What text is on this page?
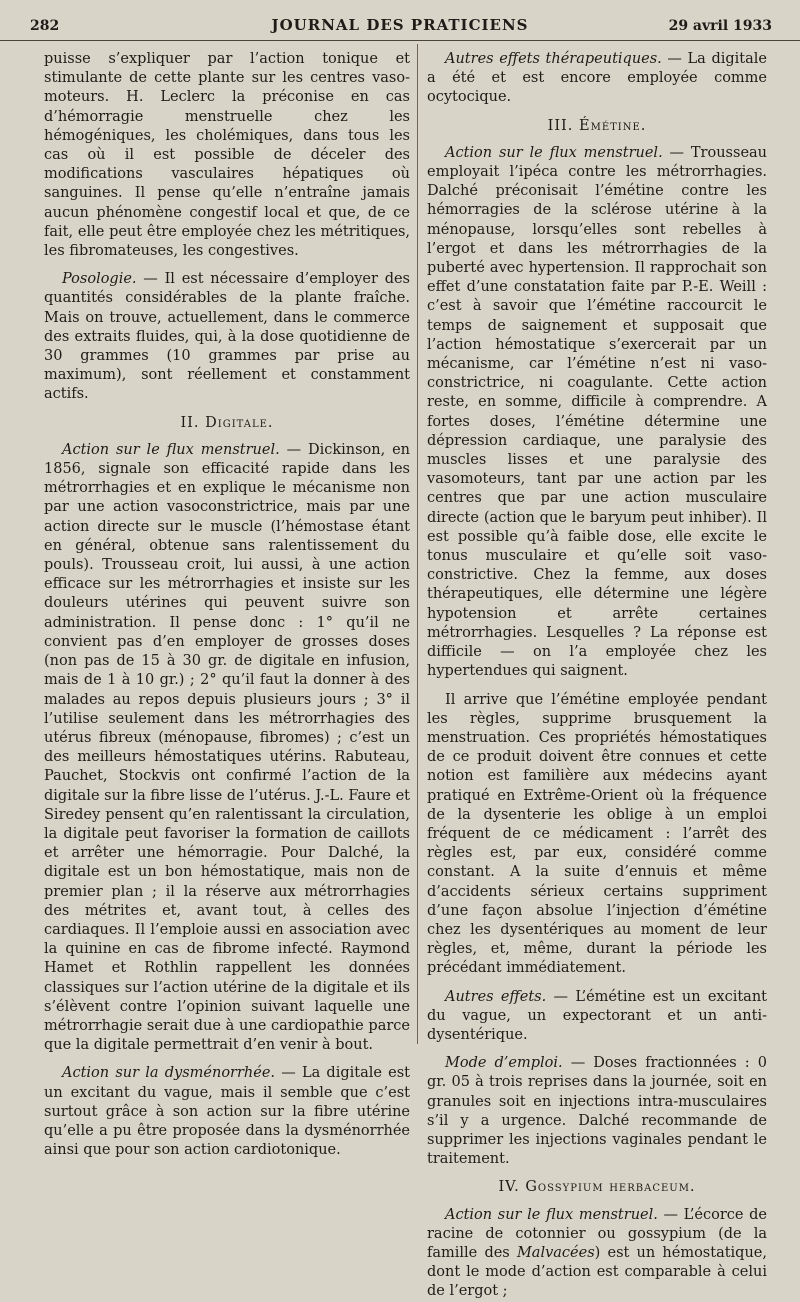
282	JOURNAL DES PRATICIENS	29 avril 1933

puisse s’expliquer par l’action tonique et stimulante de cette plante sur les centres vaso-moteurs. H. Leclerc la préconise en cas d’hémorragie menstruelle chez les hémogéniques, les cholémiques, dans tous les cas où il est possible de déceler des modifications vasculaires hépatiques où sanguines. Il pense qu’elle n’entraîne jamais aucun phénomène congestif local et que, de ce fait, elle peut être employée chez les métritiques, les fibromateuses, les congestives.

Posologie. — Il est nécessaire d’employer des quantités considérables de la plante fraîche. Mais on trouve, actuellement, dans le commerce des extraits fluides, qui, à la dose quotidienne de 30 grammes (10 grammes par prise au maximum), sont réellement et constamment actifs.

II. Digitale.

Action sur le flux menstruel. — Dickinson, en 1856, signale son efficacité rapide dans les métrorrhagies et en explique le mécanisme non par une action vasoconstrictrice, mais par une action directe sur le muscle (l’hémostase étant en général, obtenue sans ralentissement du pouls). Trousseau croit, lui aussi, à une action efficace sur les métrorrhagies et insiste sur les douleurs utérines qui peuvent suivre son administration. Il pense donc : 1° qu’il ne convient pas d’en employer de grosses doses (non pas de 15 à 30 gr. de digitale en infusion, mais de 1 à 10 gr.) ; 2° qu’il faut la donner à des malades au repos depuis plusieurs jours ; 3° il l’utilise seulement dans les métrorrhagies des utérus fibreux (ménopause, fibromes) ; c’est un des meilleurs hémostatiques utérins. Rabuteau, Pauchet, Stockvis ont confirmé l’action de la digitale sur la fibre lisse de l’utérus. J.-L. Faure et Siredey pensent qu’en ralentissant la circulation, la digitale peut favoriser la formation de caillots et arrêter une hémorragie. Pour Dalché, la digitale est un bon hémostatique, mais non de premier plan ; il la réserve aux métrorrhagies des métrites et, avant tout, à celles des cardiaques. Il l’emploie aussi en association avec la quinine en cas de fibrome infecté. Raymond Hamet et Rothlin rappellent les données classiques sur l’action utérine de la digitale et ils s’élèvent contre l’opinion suivant laquelle une métrorrhagie serait due à une cardiopathie parce que la digitale permettrait d’en venir à bout.

Action sur la dysménorrhée. — La digitale est un excitant du vague, mais il semble que c’est surtout grâce à son action sur la fibre utérine qu’elle a pu être proposée dans la dysménorrhée ainsi que pour son action cardiotonique.

Autres effets thérapeutiques. — La digitale a été et est encore employée comme ocytocique.

III. Émétine.

Action sur le flux menstruel. — Trousseau employait l’ipéca contre les métrorrhagies. Dalché préconisait l’émétine contre les hémorragies de la sclérose utérine à la ménopause, lorsqu’elles sont rebelles à l’ergot et dans les métrorrhagies de la puberté avec hypertension. Il rapprochait son effet d’une constatation faite par P.-E. Weill : c’est à savoir que l’émétine raccourcit le temps de saignement et supposait que l’action hémostatique s’exercerait par un mécanisme, car l’émétine n’est ni vaso-constrictrice, ni coagulante. Cette action reste, en somme, difficile à comprendre. A fortes doses, l’émétine détermine une dépression cardiaque, une paralysie des muscles lisses et une paralysie des vasomoteurs, tant par une action par les centres que par une action musculaire directe (action que le baryum peut inhiber). Il est possible qu’à faible dose, elle excite le tonus musculaire et qu’elle soit vaso-constrictive. Chez la femme, aux doses thérapeutiques, elle détermine une légère hypotension et arrête certaines métrorrhagies. Lesquelles ? La réponse est difficile — on l’a employée chez les hypertendues qui saignent.

Il arrive que l’émétine employée pendant les règles, supprime brusquement la menstruation. Ces propriétés hémostatiques de ce produit doivent être connues et cette notion est familière aux médecins ayant pratiqué en Extrême-Orient où la fréquence de la dysenterie les oblige à un emploi fréquent de ce médicament : l’arrêt des règles est, par eux, considéré comme constant. A la suite d’ennuis et même d’accidents sérieux certains suppriment d’une façon absolue l’injection d’émétine chez les dysentériques au moment de leur règles, et, même, durant la période les précédant immédiatement.

Autres effets. — L’émétine est un excitant du vague, un expectorant et un anti-dysentérique.

Mode d’emploi. — Doses fractionnées : 0 gr. 05 à trois reprises dans la journée, soit en granules soit en injections intra-musculaires s’il y a urgence. Dalché recommande de supprimer les injections vaginales pendant le traitement.

IV. Gossypium herbaceum.

Action sur le flux menstruel. — L’écorce de racine de cotonnier ou gossypium (de la famille des Malvacées) est un hémostatique, dont le mode d’action est comparable à celui de l’ergot ;
